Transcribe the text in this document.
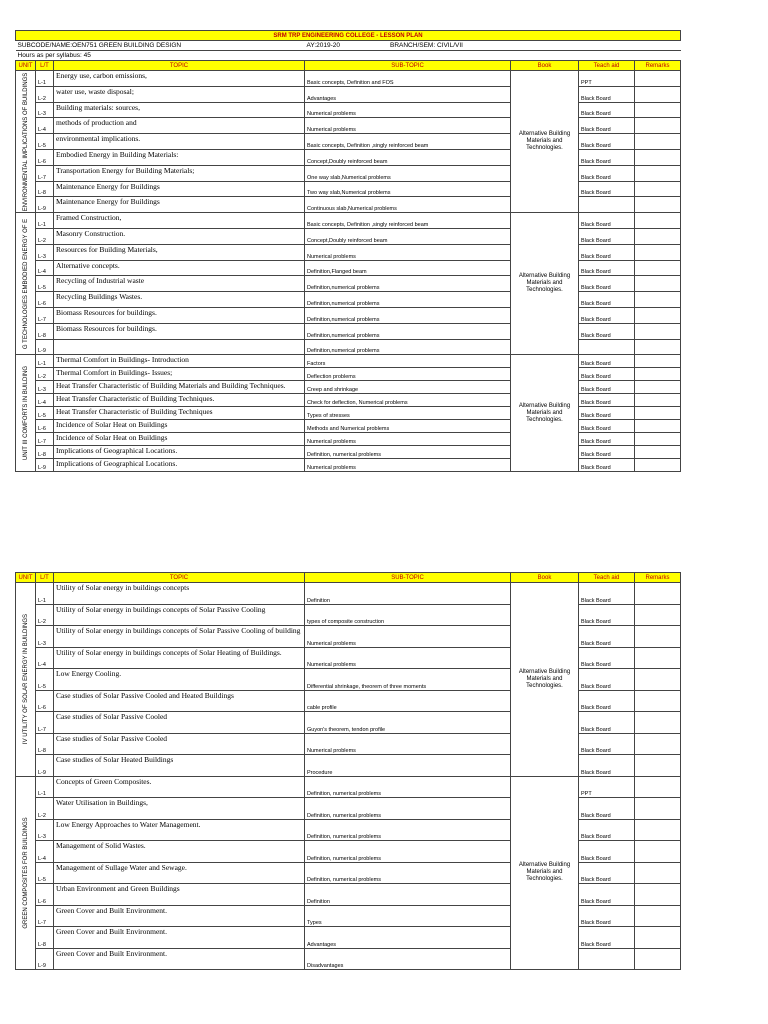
SRM TRP ENGINEERING COLLEGE - LESSON PLAN						
SUBCODE/NAME:OEN751 GREEN BUILDING DESIGN			AY:2019-20 BRANCH/SEM: CIVIL/VII			
Hours as per syllabus: 45						
UNIT	L/T	TOPIC	SUB-TOPIC	Book	Teach aid	Remarks

ENVIRONMENTAL IMPLICATIONS OF BUILDINGS	L-1	Energy use, carbon emissions,	Basic concepts, Definition and FOS	Alternative Building Materials and Technologies.	PPT	
	L-2	water use, waste disposal;	Advantages		Black Board	
	L-3	Building materials: sources,	Numerical problems		Black Board	
	L-4	methods of production and	Numerical problems		Black Board	
	L-5	environmental implications.	Basic concepts, Definition ,singly reinforced beam		Black Board	
	L-6	Embodied Energy in Building Materials:	Concept,Doubly reinforced beam		Black Board	
	L-7	Transportation Energy for Building Materials;	One way slab,Numerical problems		Black Board	
	L-8	Maintenance Energy for Buildings	Two way slab,Numerical problems		Black Board	
	L-9	Maintenance Energy for Buildings	Continuous slab,Numerical problems			

G TECHNOLOGIES EMBODIED ENERGY OF E	L-1	Framed Construction,	Basic concepts, Definition ,singly reinforced beam	Alternative Building Materials and Technologies.	Black Board	
	L-2	Masonry Construction.	Concept,Doubly reinforced beam		Black Board	
	L-3	Resources for Building Materials,	Numerical problems		Black Board	
	L-4	Alternative concepts.	Definition,Flanged beam		Black Board	
	L-5	Recycling of Industrial waste	Definition,numerical problems		Black Board	
	L-6	Recycling Buildings Wastes.	Definition,numerical problems		Black Board	
	L-7	Biomass Resources for buildings.	Definition,numerical problems		Black Board	
	L-8	Biomass Resources for buildings.	Definition,numerical problems		Black Board	
	L-9		Definition,numerical problems			

UNIT III COMFORTS IN BUILDING	L-1	Thermal Comfort in Buildings- Introduction	Factors	Alternative Building Materials and Technologies.	Black Board	
	L-2	Thermal Comfort in Buildings- Issues;	Deflection problems		Black Board	
	L-3	Heat Transfer Characteristic of Building Materials and Building Techniques.	Creep and shrinkage		Black Board	
	L-4	Heat Transfer Characteristic of Building Techniques.	Check for deflection, Numerical problems		Black Board	
	L-5	Heat Transfer Characteristic of Building Techniques	Types of stresses		Black Board	
	L-6	Incidence of Solar Heat on Buildings	Methods and Numerical problems		Black Board	
	L-7	Incidence of Solar Heat on Buildings	Numerical problems		Black Board	
	L-8	Implications of Geographical Locations.	Definition, numerical problems		Black Board	
	L-9	Implications of Geographical Locations.	Numerical problems		Black Board	
UNIT	L/T	TOPIC	SUB-TOPIC	Book	Teach aid	Remarks

IV UTILITY OF SOLAR ENERGY IN BUILDINGS	L-1	Utility of Solar energy in buildings concepts	Definition	Alternative Building Materials and Technologies.	Black Board	
	L-2	Utility of Solar energy in buildings concepts of Solar Passive Cooling	types of composite construction		Black Board	
	L-3	Utility of Solar energy in buildings concepts of Solar Passive Cooling of building	Numerical problems		Black Board	
	L-4	Utility of Solar energy in buildings concepts of Solar Heating of Buildings.	Numerical problems		Black Board	
	L-5	Low Energy Cooling.	Differential shrinkage, theorem of three moments		Black Board	
	L-6	Case studies of Solar Passive Cooled and Heated Buildings	cable profile		Black Board	
	L-7	Case studies of Solar Passive Cooled	Guyon's theorem, tendon profile		Black Board	
	L-8	Case studies of Solar Passive Cooled	Numerical problems		Black Board	
	L-9	Case studies of Solar Heated Buildings	Procedure		Black Board	

GREEN COMPOSITES FOR BUILDINGS	L-1	Concepts of Green Composites.	Definition, numerical problems	Alternative Building Materials and Technologies.	PPT	
	L-2	Water Utilisation in Buildings,	Definition, numerical problems		Black Board	
	L-3	Low Energy Approaches to Water Management.	Definition, numerical problems		Black Board	
	L-4	Management of Solid Wastes.	Definition, numerical problems		Black Board	
	L-5	Management of Sullage Water and Sewage.	Definition, numerical problems		Black Board	
	L-6	Urban Environment and Green Buildings	Definition		Black Board	
	L-7	Green Cover and Built Environment.	Types		Black Board	
	L-8	Green Cover and Built Environment.	Advantages		Black Board	
	L-9	Green Cover and Built Environment.	Disadvantages			
